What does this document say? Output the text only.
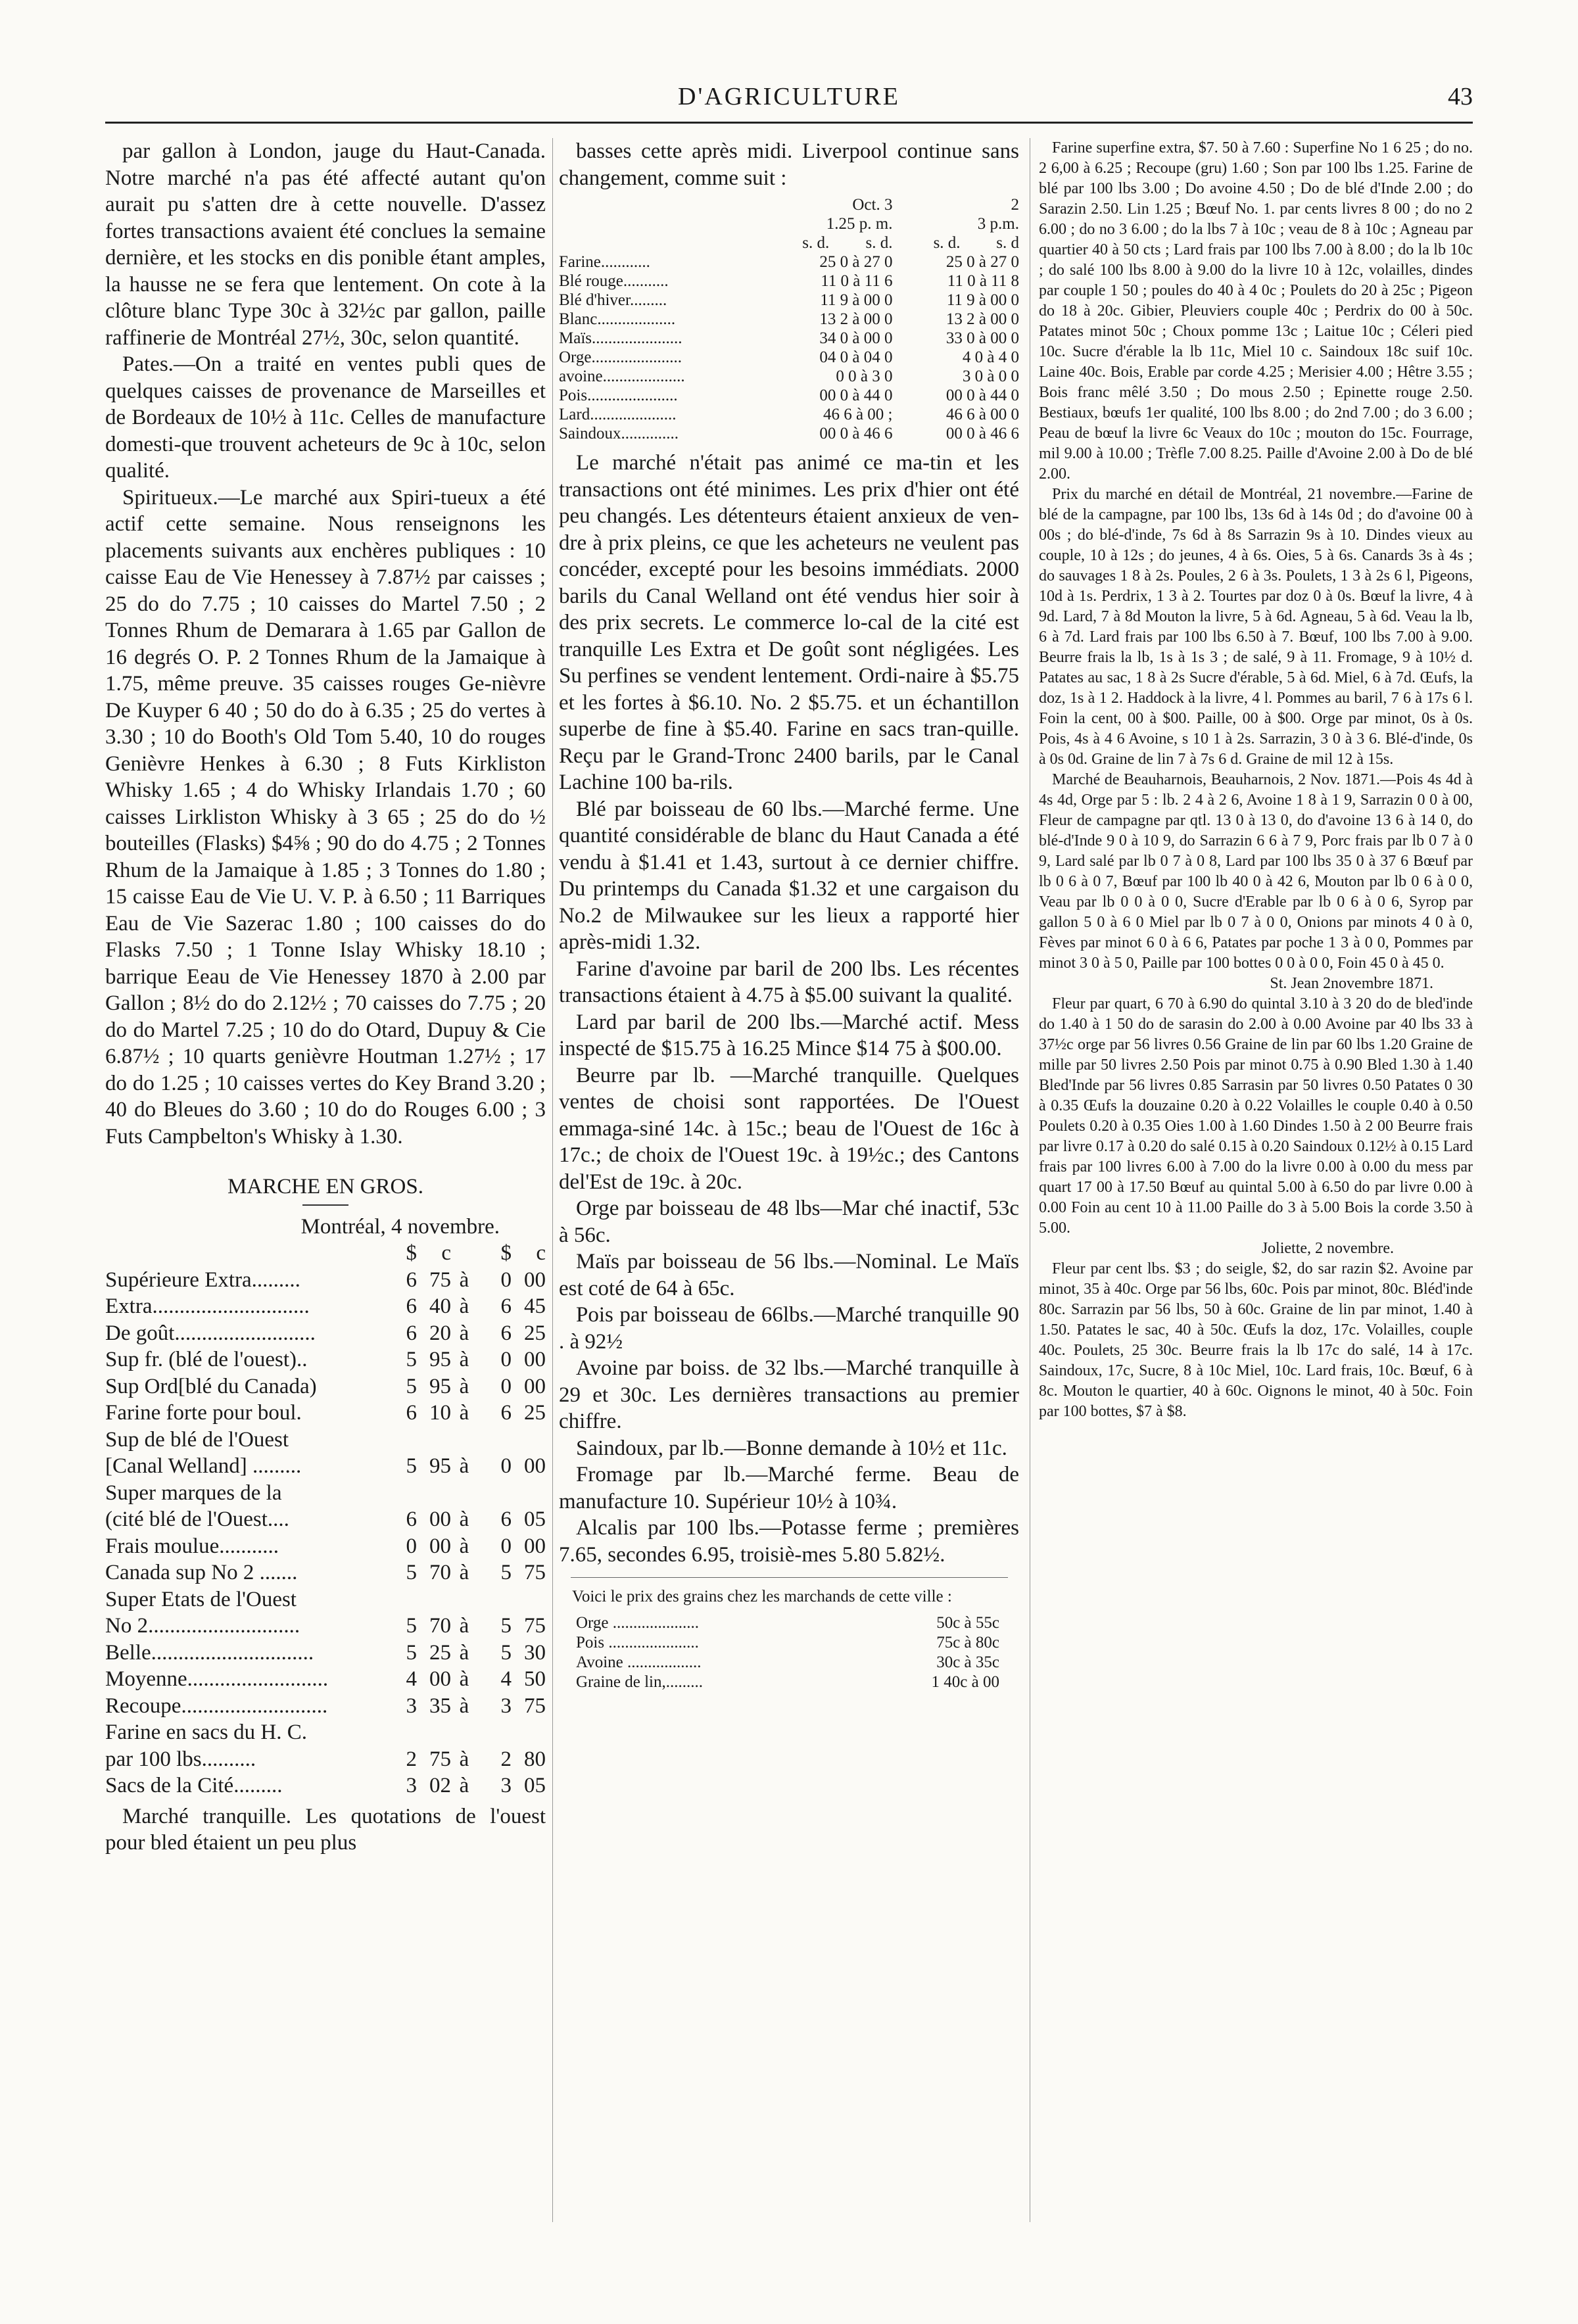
D'AGRICULTURE	43

par gallon à London, jauge du Haut-Canada. Notre marché n'a pas été affecté autant qu'on aurait pu s'atten dre à cette nouvelle. D'assez fortes transactions avaient été conclues la semaine dernière, et les stocks en dis ponible étant amples, la hausse ne se fera que lentement. On cote à la clôture blanc Type 30c à 32½c par gallon, paille raffinerie de Montréal 27½, 30c, selon quantité.

Pates.—On a traité en ventes publi ques de quelques caisses de provenance de Marseilles et de Bordeaux de 10½ à 11c. Celles de manufacture domesti-que trouvent acheteurs de 9c à 10c, selon qualité.

Spiritueux.—Le marché aux Spiri-tueux a été actif cette semaine. Nous renseignons les placements suivants aux enchères publiques : 10 caisse Eau de Vie Henessey à 7.87½ par caisses ; 25 do do 7.75 ; 10 caisses do Martel 7.50 ; 2 Tonnes Rhum de Demarara à 1.65 par Gallon de 16 degrés O. P. 2 Tonnes Rhum de la Jamaique à 1.75, même preuve. 35 caisses rouges Ge-nièvre De Kuyper 6 40 ; 50 do do à 6.35 ; 25 do vertes à 3.30 ; 10 do Booth's Old Tom 5.40, 10 do rouges Genièvre Henkes à 6.30 ; 8 Futs Kirkliston Whisky 1.65 ; 4 do Whisky Irlandais 1.70 ; 60 caisses Lirkliston Whisky à 3 65 ; 25 do do ½ bouteilles (Flasks) $4⅝ ; 90 do do 4.75 ; 2 Tonnes Rhum de la Jamaique à 1.85 ; 3 Tonnes do 1.80 ; 15 caisse Eau de Vie U. V. P. à 6.50 ; 11 Barriques Eau de Vie Sazerac 1.80 ; 100 caisses do do Flasks 7.50 ; 1 Tonne Islay Whisky 18.10 ; barrique Eeau de Vie Henessey 1870 à 2.00 par Gallon ; 8½ do do 2.12½ ; 70 caisses do 7.75 ; 20 do do Martel 7.25 ; 10 do do Otard, Dupuy & Cie 6.87½ ; 10 quarts genièvre Houtman 1.27½ ; 17 do do 1.25 ; 10 caisses vertes do Key Brand 3.20 ; 40 do Bleues do 3.60 ; 10 do do Rouges 6.00 ; 3 Futs Campbelton's Whisky à 1.30.

MARCHE EN GROS.
Montréal, 4 novembre.
	$	c		$	c
Supérieure Extra.........	6	75	à	0	00
Extra.............................	6	40	à	6	45
De goût..........................	6	20	à	6	25
Sup fr. (blé de l'ouest)..	5	95	à	0	00
Sup Ord[blé du Canada)	5	95	à	0	00
Farine forte pour boul.	6	10	à	6	25
Sup de blé de l'Ouest					
[Canal Welland] .........	5	95	à	0	00
Super marques de la					
(cité blé de l'Ouest....	6	00	à	6	05
Frais moulue...........	0	00	à	0	00
Canada sup No 2 .......	5	70	à	5	75
Super Etats de l'Ouest					
No 2............................	5	70	à	5	75
Belle..............................	5	25	à	5	30
Moyenne..........................	4	00	à	4	50
Recoupe...........................	3	35	à	3	75
Farine en sacs du H. C.					
par 100 lbs..........	2	75	à	2	80
Sacs de la Cité.........	3	02	à	3	05

Marché tranquille. Les quotations de l'ouest pour bled étaient un peu plus

basses cette après midi. Liverpool continue sans changement, comme suit :

	Oct. 3		2	
	1.25 p. m.		3 p.m.	
	s. d.	s. d.	s. d.	s. d
Farine............	25 0 à 27 0		25 0 à 27 0	
Blé rouge...........	11 0 à 11 6		11 0 à 11 8	
Blé d'hiver.........	11 9 à 00 0		11 9 à 00 0	
Blanc...................	13 2 à 00 0		13 2 à 00 0	
Maïs......................	34 0 à 00 0		33 0 à 00 0	
Orge......................	04 0 à 04 0		4 0 à 4 0	
avoine....................	0 0 à 3 0		3 0 à 0 0	
Pois......................	00 0 à 44 0		00 0 à 44 0	
Lard.....................	46 6 à 00 ;		46 6 à 00 0	
Saindoux..............	00 0 à 46 6		00 0 à 46 6	

Le marché n'était pas animé ce ma-tin et les transactions ont été minimes. Les prix d'hier ont été peu changés. Les détenteurs étaient anxieux de ven-dre à prix pleins, ce que les acheteurs ne veulent pas concéder, excepté pour les besoins immédiats. 2000 barils du Canal Welland ont été vendus hier soir à des prix secrets. Le commerce lo-cal de la cité est tranquille Les Extra et De goût sont négligées. Les Su perfines se vendent lentement. Ordi-naire à $5.75 et les fortes à $6.10. No. 2 $5.75. et un échantillon superbe de fine à $5.40. Farine en sacs tran-quille. Reçu par le Grand-Tronc 2400 barils, par le Canal Lachine 100 ba-rils.

Blé par boisseau de 60 lbs.—Marché ferme. Une quantité considérable de blanc du Haut Canada a été vendu à $1.41 et 1.43, surtout à ce dernier chiffre. Du printemps du Canada $1.32 et une cargaison du No.2 de Milwaukee sur les lieux a rapporté hier après-midi 1.32.

Farine d'avoine par baril de 200 lbs. Les récentes transactions étaient à 4.75 à $5.00 suivant la qualité.

Lard par baril de 200 lbs.—Marché actif. Mess inspecté de $15.75 à 16.25 Mince $14 75 à $00.00.

Beurre par lb. —Marché tranquille. Quelques ventes de choisi sont rapportées. De l'Ouest emmaga-siné 14c. à 15c.; beau de l'Ouest de 16c à 17c.; de choix de l'Ouest 19c. à 19½c.; des Cantons del'Est de 19c. à 20c.

Orge par boisseau de 48 lbs—Mar ché inactif, 53c à 56c.

Maïs par boisseau de 56 lbs.—Nominal. Le Maïs est coté de 64 à 65c.

Pois par boisseau de 66lbs.—Marché tranquille 90 . à 92½

Avoine par boiss. de 32 lbs.—Marché tranquille à 29 et 30c. Les dernières transactions au premier chiffre.

Saindoux, par lb.—Bonne demande à 10½ et 11c.

Fromage par lb.—Marché ferme. Beau de manufacture 10. Supérieur 10½ à 10¾.

Alcalis par 100 lbs.—Potasse ferme ; premières 7.65, secondes 6.95, troisiè-mes 5.80 5.82½.

Voici le prix des grains chez les marchands de cette ville :

Orge .....................	50c à 55c
Pois ......................	75c à 80c
Avoine ..................	30c à 35c
Graine de lin,.........	1 40c à 00

Farine superfine extra, $7. 50 à 7.60 : Superfine No 1 6 25 ; do no. 2 6,00 à 6.25 ; Recoupe (gru) 1.60 ; Son par 100 lbs 1.25. Farine de blé par 100 lbs 3.00 ; Do avoine 4.50 ; Do de blé d'Inde 2.00 ; do Sarazin 2.50. Lin 1.25 ; Bœuf No. 1. par cents livres 8 00 ; do no 2 6.00 ; do no 3 6.00 ; do la lbs 7 à 10c ; veau de 8 à 10c ; Agneau par quartier 40 à 50 cts ; Lard frais par 100 lbs 7.00 à 8.00 ; do la lb 10c ; do salé 100 lbs 8.00 à 9.00 do la livre 10 à 12c, volailles, dindes par couple 1 50 ; poules do 40 à 4 0c ; Poulets do 20 à 25c ; Pigeon do 18 à 20c. Gibier, Pleuviers couple 40c ; Perdrix do 00 à 50c. Patates minot 50c ; Choux pomme 13c ; Laitue 10c ; Céleri pied 10c. Sucre d'érable la lb 11c, Miel 10 c. Saindoux 18c suif 10c. Laine 40c. Bois, Erable par corde 4.25 ; Merisier 4.00 ; Hêtre 3.55 ; Bois franc mêlé 3.50 ; Do mous 2.50 ; Epinette rouge 2.50. Bestiaux, bœufs 1er qualité, 100 lbs 8.00 ; do 2nd 7.00 ; do 3 6.00 ; Peau de bœuf la livre 6c Veaux do 10c ; mouton do 15c. Fourrage, mil 9.00 à 10.00 ; Trèfle 7.00 8.25. Paille d'Avoine 2.00 à Do de blé 2.00.

Prix du marché en détail de Montréal, 21 novembre.—Farine de blé de la campagne, par 100 lbs, 13s 6d à 14s 0d ; do d'avoine 00 à 00s ; do blé-d'inde, 7s 6d à 8s Sarrazin 9s à 10. Dindes vieux au couple, 10 à 12s ; do jeunes, 4 à 6s. Oies, 5 à 6s. Canards 3s à 4s ; do sauvages 1 8 à 2s. Poules, 2 6 à 3s. Poulets, 1 3 à 2s 6 l, Pigeons, 10d à 1s. Perdrix, 1 3 à 2. Tourtes par doz 0 à 0s. Bœuf la livre, 4 à 9d. Lard, 7 à 8d Mouton la livre, 5 à 6d. Agneau, 5 à 6d. Veau la lb, 6 à 7d. Lard frais par 100 lbs 6.50 à 7. Bœuf, 100 lbs 7.00 à 9.00. Beurre frais la lb, 1s à 1s 3 ; de salé, 9 à 11. Fromage, 9 à 10½ d. Patates au sac, 1 8 à 2s Sucre d'érable, 5 à 6d. Miel, 6 à 7d. Œufs, la doz, 1s à 1 2. Haddock à la livre, 4 l. Pommes au baril, 7 6 à 17s 6 l. Foin la cent, 00 à $00. Paille, 00 à $00. Orge par minot, 0s à 0s. Pois, 4s à 4 6 Avoine, s 10 1 à 2s. Sarrazin, 3 0 à 3 6. Blé-d'inde, 0s à 0s 0d. Graine de lin 7 à 7s 6 d. Graine de mil 12 à 15s.

Marché de Beauharnois, Beauharnois, 2 Nov. 1871.—Pois 4s 4d à 4s 4d, Orge par 5 : lb. 2 4 à 2 6, Avoine 1 8 à 1 9, Sarrazin 0 0 à 00, Fleur de campagne par qtl. 13 0 à 13 0, do d'avoine 13 6 à 14 0, do blé-d'Inde 9 0 à 10 9, do Sarrazin 6 6 à 7 9, Porc frais par lb 0 7 à 0 9, Lard salé par lb 0 7 à 0 8, Lard par 100 lbs 35 0 à 37 6 Bœuf par lb 0 6 à 0 7, Bœuf par 100 lb 40 0 à 42 6, Mouton par lb 0 6 à 0 0, Veau par lb 0 0 à 0 0, Sucre d'Erable par lb 0 6 à 0 6, Syrop par gallon 5 0 à 6 0 Miel par lb 0 7 à 0 0, Onions par minots 4 0 à 0, Fèves par minot 6 0 à 6 6, Patates par poche 1 3 à 0 0, Pommes par minot 3 0 à 5 0, Paille par 100 bottes 0 0 à 0 0, Foin 45 0 à 45 0.

St. Jean 2novembre 1871.

Fleur par quart, 6 70 à 6.90 do quintal 3.10 à 3 20 do de bled'inde do 1.40 à 1 50 do de sarasin do 2.00 à 0.00 Avoine par 40 lbs 33 à 37½c orge par 56 livres 0.56 Graine de lin par 60 lbs 1.20 Graine de mille par 50 livres 2.50 Pois par minot 0.75 à 0.90 Bled 1.30 à 1.40 Bled'Inde par 56 livres 0.85 Sarrasin par 50 livres 0.50 Patates 0 30 à 0.35 Œufs la douzaine 0.20 à 0.22 Volailles le couple 0.40 à 0.50 Poulets 0.20 à 0.35 Oies 1.00 à 1.60 Dindes 1.50 à 2 00 Beurre frais par livre 0.17 à 0.20 do salé 0.15 à 0.20 Saindoux 0.12½ à 0.15 Lard frais par 100 livres 6.00 à 7.00 do la livre 0.00 à 0.00 du mess par quart 17 00 à 17.50 Bœuf au quintal 5.00 à 6.50 do par livre 0.00 à 0.00 Foin au cent 10 à 11.00 Paille do 3 à 5.00 Bois la corde 3.50 à 5.00.

Joliette, 2 novembre.

Fleur par cent lbs. $3 ; do seigle, $2, do sar razin $2. Avoine par minot, 35 à 40c. Orge par 56 lbs, 60c. Pois par minot, 80c. Bléd'inde 80c. Sarrazin par 56 lbs, 50 à 60c. Graine de lin par minot, 1.40 à 1.50. Patates le sac, 40 à 50c. Œufs la doz, 17c. Volailles, couple 40c. Poulets, 25 30c. Beurre frais la lb 17c do salé, 14 à 17c. Saindoux, 17c, Sucre, 8 à 10c Miel, 10c. Lard frais, 10c. Bœuf, 6 à 8c. Mouton le quartier, 40 à 60c. Oignons le minot, 40 à 50c. Foin par 100 bottes, $7 à $8.
